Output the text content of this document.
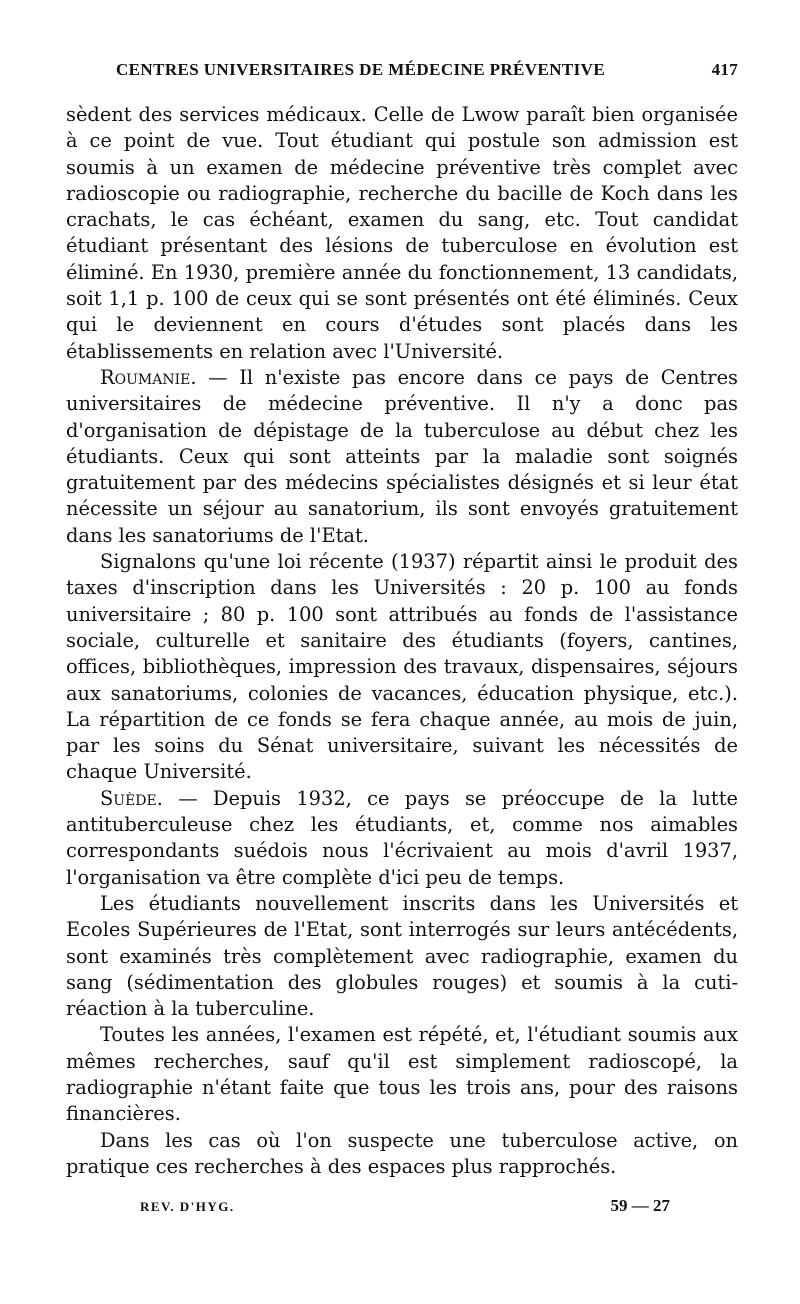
CENTRES UNIVERSITAIRES DE MÉDECINE PRÉVENTIVE	417

sèdent des services médicaux. Celle de Lwow paraît bien organisée à ce point de vue. Tout étudiant qui postule son admission est soumis à un examen de médecine préventive très complet avec radioscopie ou radiographie, recherche du bacille de Koch dans les crachats, le cas échéant, examen du sang, etc. Tout candidat étudiant présentant des lésions de tuberculose en évolution est éliminé. En 1930, première année du fonctionnement, 13 candidats, soit 1,1 p. 100 de ceux qui se sont présentés ont été éliminés. Ceux qui le deviennent en cours d'études sont placés dans les établissements en relation avec l'Université.

Roumanie. — Il n'existe pas encore dans ce pays de Centres universitaires de médecine préventive. Il n'y a donc pas d'organisation de dépistage de la tuberculose au début chez les étudiants. Ceux qui sont atteints par la maladie sont soignés gratuitement par des médecins spécialistes désignés et si leur état nécessite un séjour au sanatorium, ils sont envoyés gratuitement dans les sanatoriums de l'Etat.

Signalons qu'une loi récente (1937) répartit ainsi le produit des taxes d'inscription dans les Universités : 20 p. 100 au fonds universitaire ; 80 p. 100 sont attribués au fonds de l'assistance sociale, culturelle et sanitaire des étudiants (foyers, cantines, offices, bibliothèques, impression des travaux, dispensaires, séjours aux sanatoriums, colonies de vacances, éducation physique, etc.). La répartition de ce fonds se fera chaque année, au mois de juin, par les soins du Sénat universitaire, suivant les nécessités de chaque Université.

Suède. — Depuis 1932, ce pays se préoccupe de la lutte antituberculeuse chez les étudiants, et, comme nos aimables correspondants suédois nous l'écrivaient au mois d'avril 1937, l'organisation va être complète d'ici peu de temps.

Les étudiants nouvellement inscrits dans les Universités et Ecoles Supérieures de l'Etat, sont interrogés sur leurs antécédents, sont examinés très complètement avec radiographie, examen du sang (sédimentation des globules rouges) et soumis à la cuti-réaction à la tuberculine.

Toutes les années, l'examen est répété, et, l'étudiant soumis aux mêmes recherches, sauf qu'il est simplement radioscopé, la radiographie n'étant faite que tous les trois ans, pour des raisons financières.

Dans les cas où l'on suspecte une tuberculose active, on pratique ces recherches à des espaces plus rapprochés.

REV. D'HYG.	59 — 27
